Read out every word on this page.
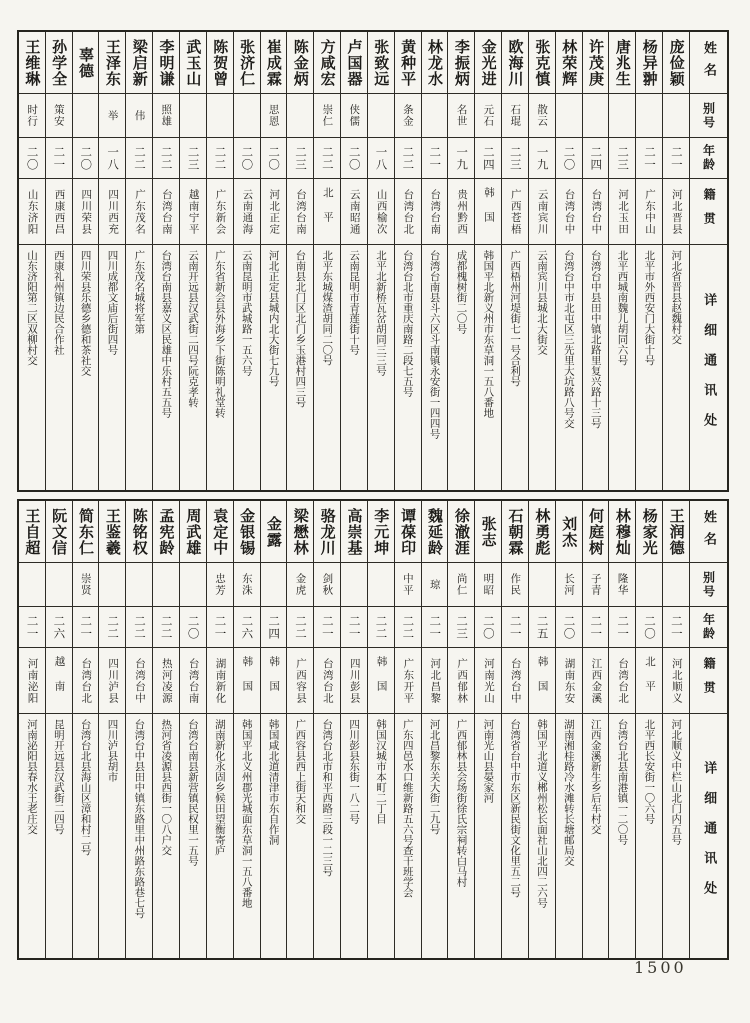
姓名
别号
年龄
籍贯
详细通讯处
庞俭颖
二一
河北晋县
河北省晋县赵魏村交
杨异翀
二一
广东中山
北平市外西安门大街十号
唐兆生
二三
河北玉田
北平西城南魏儿胡同六号
许茂庚
二四
台湾台中
台湾台中县田中镇北路里复兴路十三号
林荣辉
二〇
台湾台中
台湾台中市北屯区三先里大坑路八号交
张克慎
散云
一九
云南宾川
云南宾川县城北大街交
欧海川
石琨
二三
广西苍梧
广西梧州河堤街七一号合利号
金光进
元石
二四
韩国
韩国平北新义州市东草洞一五八番地
李振炳
名世
一九
贵州黔西
成都槐树街二〇号
林龙水
二一
台湾台南
台湾台南县斗六区斗南镇永安街一四四号
黄种平
条金
二二
台湾台北
台湾台北市重庆南路二段七五号
张致远
一八
山西榆次
北平北新桥瓦岔胡同三三号
卢国器
侠儒
二〇
云南昭通
云南昆明市青莲街十号
方咸宏
崇仁
二二
北平
北平东城煤渣胡同二〇号
陈金炳
二三
台湾台南
台南县北门区北门乡玉港村四三号
崔成霖
思恩
二〇
河北正定
河北正定县城内北大街七九号
张济仁
二〇
云南通海
云南昆明市武城路一五六号
陈贺曾
二二
广东新会
广东省新会县外海乡下街陈明礼堂转
武玉山
二三
越南宁平
云南开远县汉武街二四号阮克孝转
李明谦
照雄
二二
台湾台南
台湾台南县嘉义区民雄中乐村五五号
梁启新
伟
二二
广东茂名
广东茂名城将军第
王泽东
举
一八
四川西充
四川成都文庙后街四号
辜德
二〇
四川荣县
四川荣县乐德乡德和茶社交
孙学全
策安
二一
西康西昌
西康礼州镇边民合作社
王维琳
时行
二〇
山东济阳
山东济阳第二区双柳村交
姓名
别号
年龄
籍贯
详细通讯处
王润德
二一
河北顺义
河北顺义中栏山北门内五号
杨家光
二〇
北平
北平西长安街一〇六号
林穆灿
隆华
二一
台湾台北
台湾台北县南港镇一二〇号
何庭树
子青
二一
江西金溪
江西金溪新生乡后车村交
刘杰
长河
二〇
湖南东安
湖南湘桂路冷水滩转长塘邮局交
林勇彪
二五
韩国
韩国平北道义郴州松长面社山北四二六号
石朝霖
作民
二一
台湾台中
台湾省台中市东区新民街文化里五二号
张志
明昭
二〇
河南光山
河南光山县晏家河
徐澈涯
尚仁
二三
广西郁林
广西郁林县会场街徐氏宗祠转白马村
魏延龄
琼
二一
河北昌黎
河北昌黎东关大街二九号
谭葆印
中平
二二
广东开平
广东四邑水口维新路五六号查干班学会
李元坤
二二
韩国
韩国汉城市本町二丁目
高崇基
二一
四川彭县
四川彭县东街一八二号
骆龙川
剑秋
二一
台湾台北
台湾台北市和平西路三段一二三号
梁懋林
金虎
二二
广西容县
广西容县西上街天和交
金露
二四
韩国
韩国咸北道清津市东自作洞
金银锡
东洙
二六
韩国
韩国平北义州郡光城面东草洞一五八番地
袁定中
忠芳
二一
湖南新化
湖南新化永固乡候田望衡寄庐
周武雄
二〇
台湾台南
台湾台南县新营镇民权里一五号
孟宪龄
二二
热河凌源
热河省凌源县西街一〇八户交
陈铭权
二二
台湾台中
台湾台中县田中镇东路里中州路东路巷七号
王鉴羲
二二
四川泸县
四川泸县胡市
简东仁
崇贤
二一
台湾台北
台湾台北县海山区漳和村二号
阮文信
二六
越南
昆明开远县汉武街二四号
王自超
二一
河南泌阳
河南泌阳县春水王老庄交
1500
